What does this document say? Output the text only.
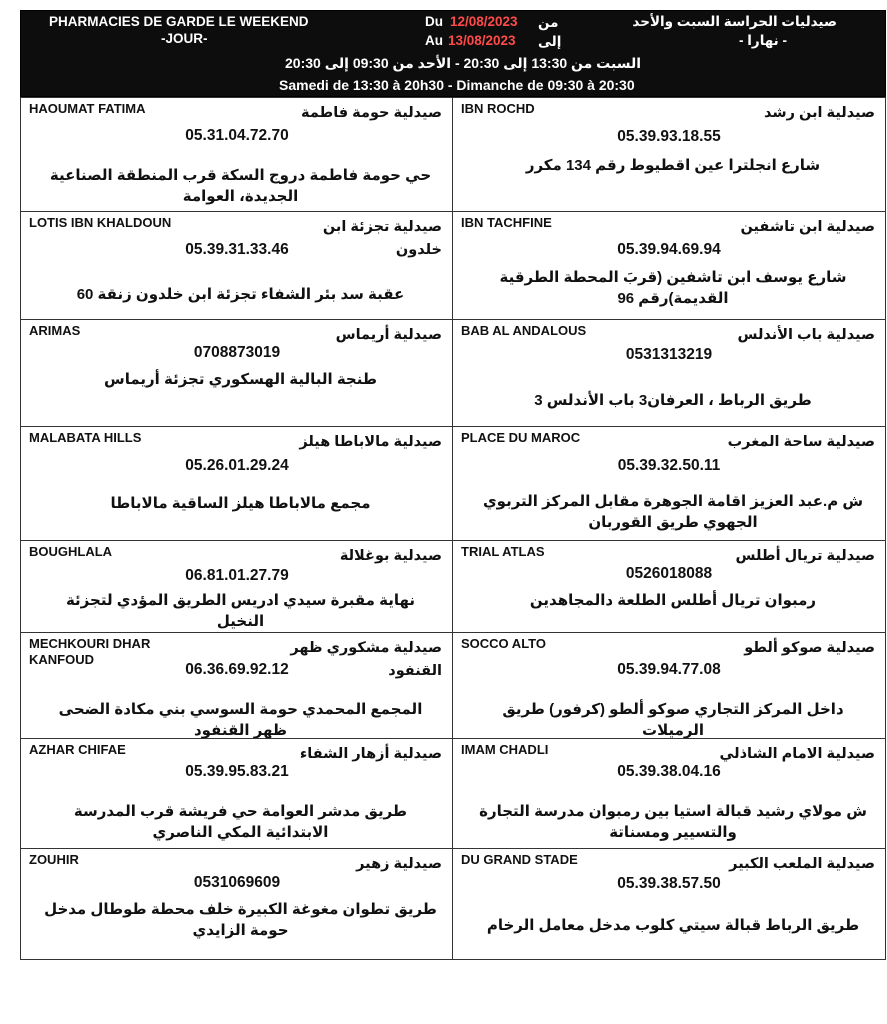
PHARMACIES DE GARDE LE WEEKEND
-JOUR-
Du 12/08/2023 من
Au 13/08/2023 إلى
صيدليات الحراسة السبت والأحد
- نهارا -
السبت من 13:30 إلى 20:30 - الأحد من 09:30 إلى 20:30
Samedi de 13:30 à 20h30 - Dimanche de 09:30 à 20:30
HAOUMAT FATIMA	صيدلية حومة فاطمة
05.31.04.72.70
حي حومة فاطمة دروج السكة قرب المنطقة الصناعية الجديدة، العوامة
IBN ROCHD	صيدلية ابن رشد
05.39.93.18.55
شارع انجلترا عين اقطيوط رقم 134 مكرر
LOTIS IBN KHALDOUN	صيدلية تجزئة ابن خلدون
05.39.31.33.46
عقبة سد بئر الشفاء تجزئة ابن خلدون زنقة 60
IBN TACHFINE	صيدلية ابن تاشفين
05.39.94.69.94
شارع يوسف ابن تاشفين (قربَ المحطة الطرقية القديمة)رقم 96
ARIMAS	صيدلية أريماس
0708873019
طنجة البالية الهسكوري تجزئة أريماس
BAB AL ANDALOUS	صيدلية باب الأندلس
0531313219
طريق الرباط ، العرفان3 باب الأندلس 3
MALABATA HILLS	صيدلية مالاباطا هيلز
05.26.01.29.24
مجمع مالاباطا هيلز الساقية مالاباطا
PLACE DU MAROC	صيدلية ساحة المغرب
05.39.32.50.11
ش م.عبد العزيز اقامة الجوهرة مقابل المركز التربوي الجهوي طريق القوربان
BOUGHLALA	صيدلية بوغلالة
06.81.01.27.79
نهاية مقبرة سيدي ادريس الطريق المؤدي لتجزئة النخيل
TRIAL ATLAS	صيدلية تريال أطلس
0526018088
رمبوان تريال أطلس الطلعة دالمجاهدين
MECHKOURI DHAR KANFOUD
صيدلية مشكوري ظهر القنفود
06.36.69.92.12
المجمع المحمدي حومة السوسي بني مكادة الضحى ظهر القنفود
SOCCO ALTO	صيدلية صوكو ألطو
05.39.94.77.08
داخل المركز التجاري صوكو ألطو (كرفور) طريق الرميلات
AZHAR CHIFAE	صيدلية أزهار الشفاء
05.39.95.83.21
طريق مدشر العوامة حي فريشة قرب المدرسة الابتدائية المكي الناصري
IMAM CHADLI	صيدلية الامام الشاذلي
05.39.38.04.16
ش مولاي رشيد قبالة استيا بين رمبوان مدرسة التجارة والتسيير ومسناتة
ZOUHIR	صيدلية زهير
0531069609
طريق تطوان مغوغة الكبيرة خلف محطة طوطال مدخل حومة الزايدي
DU GRAND STADE	صيدلية الملعب الكبير
05.39.38.57.50
طريق الرباط قبالة سيتي كلوب مدخل معامل الرخام
